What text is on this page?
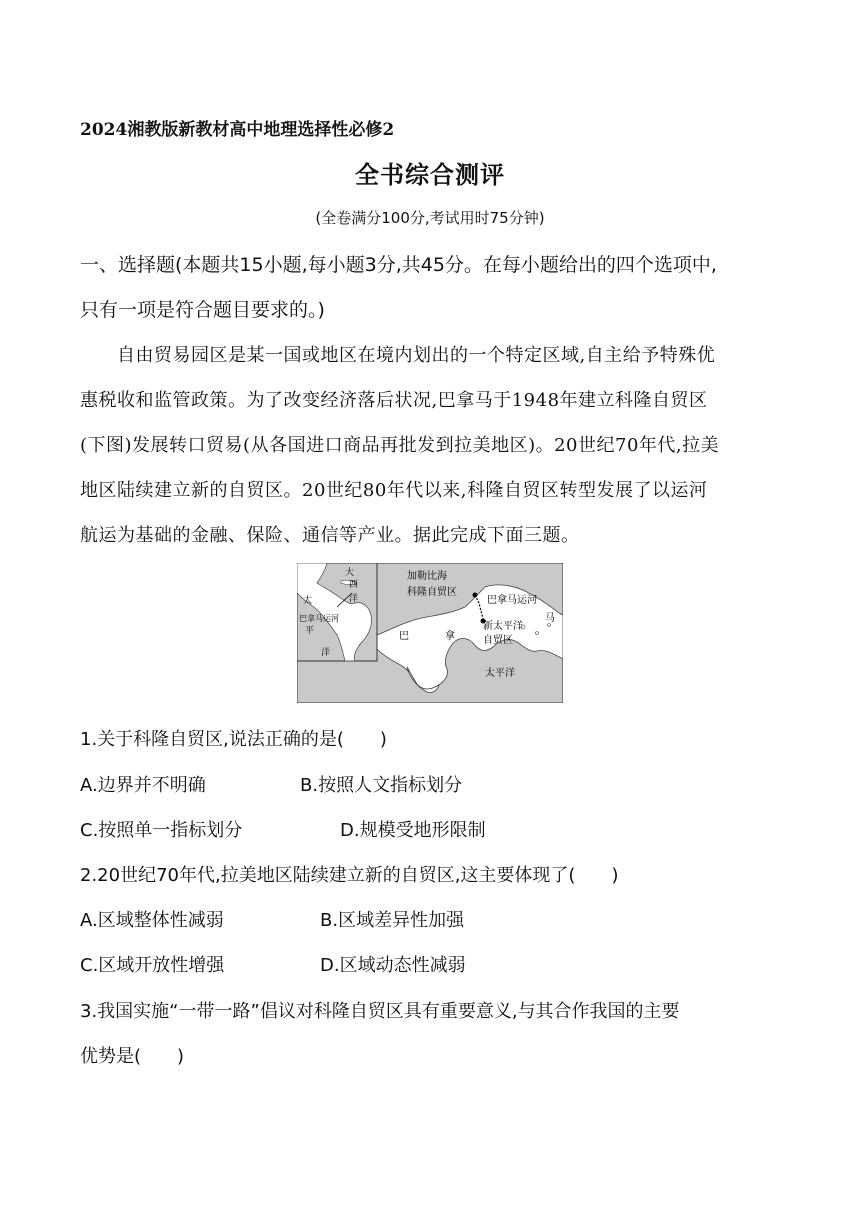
2024湘教版新教材高中地理选择性必修2
全书综合测评
(全卷满分100分,考试用时75分钟)
一、选择题(本题共15小题,每小题3分,共45分。在每小题给出的四个选项中,
只有一项是符合题目要求的。)
自由贸易园区是某一国或地区在境内划出的一个特定区域,自主给予特殊优
惠税收和监管政策。为了改变经济落后状况,巴拿马于1948年建立科隆自贸区
(下图)发展转口贸易(从各国进口商品再批发到拉美地区)。20世纪70年代,拉美
地区陆续建立新的自贸区。20世纪80年代以来,科隆自贸区转型发展了以运河
航运为基础的金融、保险、通信等产业。据此完成下面三题。
加勒比海
科隆自贸区
巴拿马运河
新太平洋
自贸区
太平洋
巴	拿
马
大
西
洋
太
平
洋
巴拿马运河
1.关于科隆自贸区,说法正确的是(　　)
A.边界并不明确	B.按照人文指标划分
C.按照单一指标划分	D.规模受地形限制
2.20世纪70年代,拉美地区陆续建立新的自贸区,这主要体现了(　　)
A.区域整体性减弱	B.区域差异性加强
C.区域开放性增强	D.区域动态性减弱
3.我国实施“一带一路”倡议对科隆自贸区具有重要意义,与其合作我国的主要
优势是(　　)
